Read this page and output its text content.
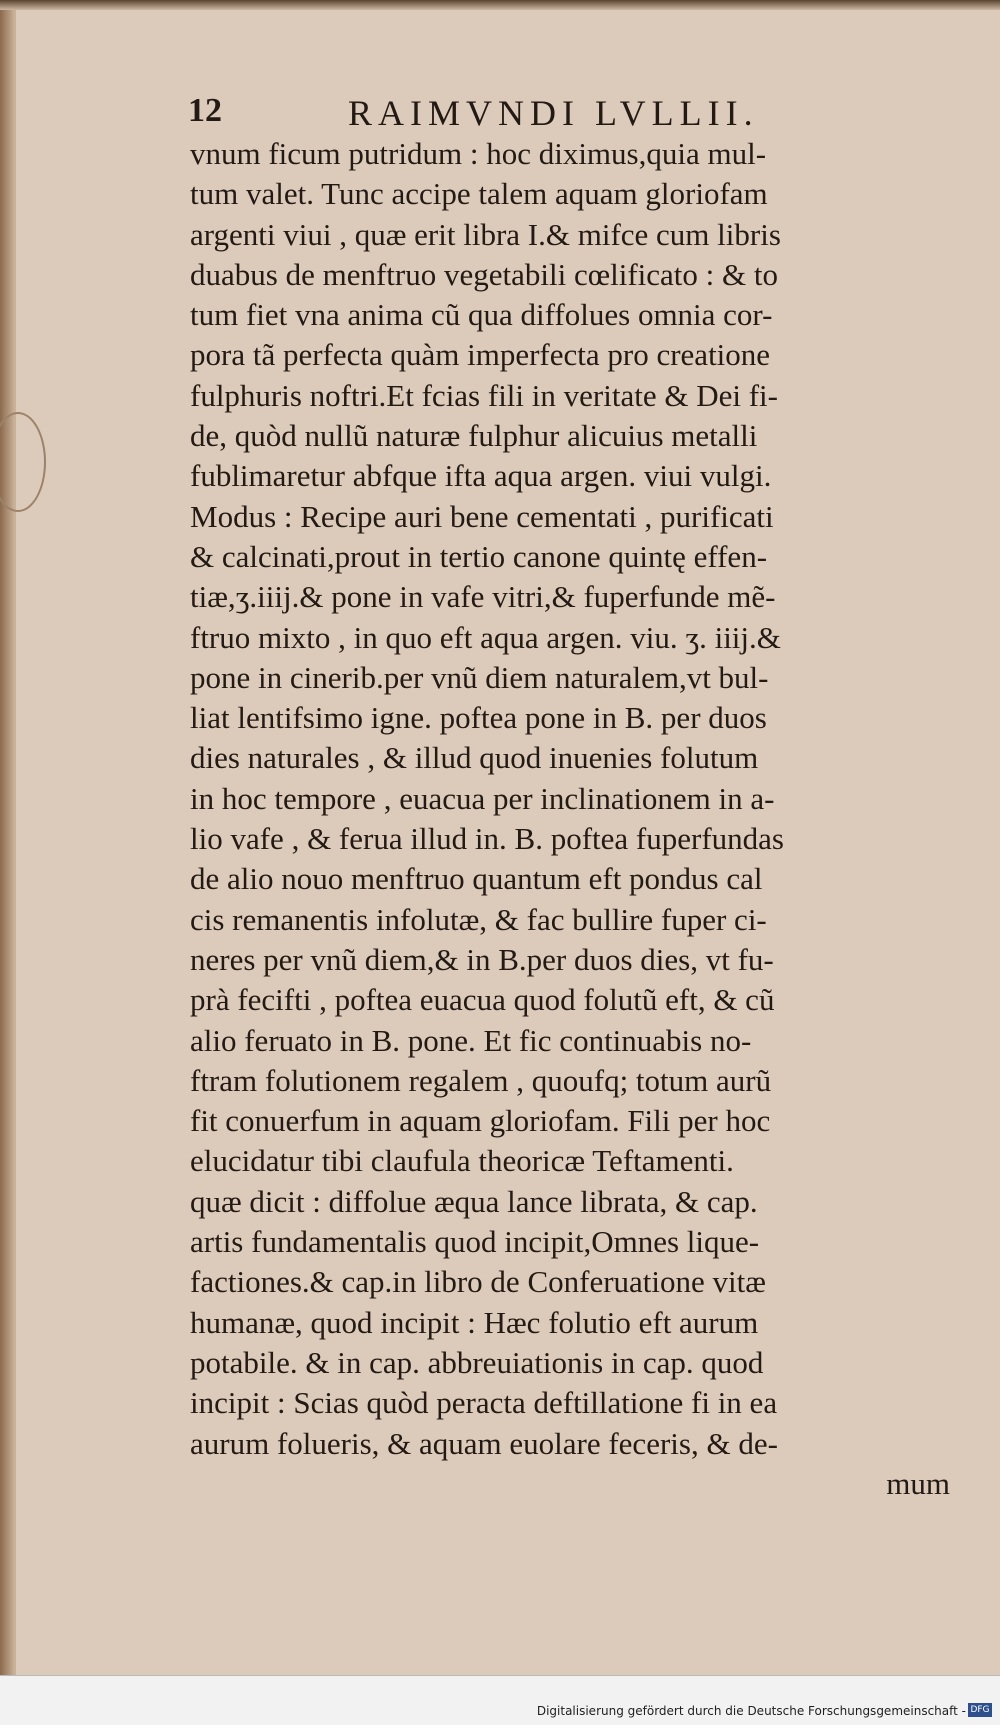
12	RAIMVNDI LVLLII.
vnum ficum putridum : hoc diximus,quia mul-
tum valet. Tunc accipe talem aquam gloriofam
argenti viui , quæ erit libra I.& mifce cum libris
duabus de menftruo vegetabili cœlificato : & to
tum fiet vna anima cũ qua diffolues omnia cor-
pora tã perfecta quàm imperfecta pro creatione
fulphuris noftri.Et fcias fili in veritate & Dei fi-
de, quòd nullũ naturæ fulphur alicuius metalli
fublimaretur abfque ifta aqua argen. viui vulgi.
Modus : Recipe auri bene cementati , purificati
& calcinati,prout in tertio canone quintę effen-
tiæ,ʒ.iiij.& pone in vafe vitri,& fuperfunde mẽ-
ftruo mixto , in quo eft aqua argen. viu. ʒ. iiij.&
pone in cinerib.per vnũ diem naturalem,vt bul-
liat lentifsimo igne. poftea pone in B. per duos
dies naturales , & illud quod inuenies folutum
in hoc tempore , euacua per inclinationem in a-
lio vafe , & ferua illud in. B. poftea fuperfundas
de alio nouo menftruo quantum eft pondus cal
cis remanentis infolutæ, & fac bullire fuper ci-
neres per vnũ diem,& in B.per duos dies, vt fu-
prà fecifti , poftea euacua quod folutũ eft, & cũ
alio feruato in B. pone. Et fic continuabis no-
ftram folutionem regalem , quoufq; totum aurũ
fit conuerfum in aquam gloriofam. Fili per hoc
elucidatur tibi claufula theoricæ Teftamenti.
quæ dicit : diffolue æqua lance librata, & cap.
artis fundamentalis quod incipit,Omnes lique-
factiones.& cap.in libro de Conferuatione vitæ
humanæ, quod incipit : Hæc folutio eft aurum
potabile. & in cap. abbreuiationis in cap. quod
incipit : Scias quòd peracta deftillatione fi in ea
aurum folueris, & aquam euolare feceris, & de-
mum
Digitalisierung gefördert durch die Deutsche Forschungsgemeinschaft - DFG
